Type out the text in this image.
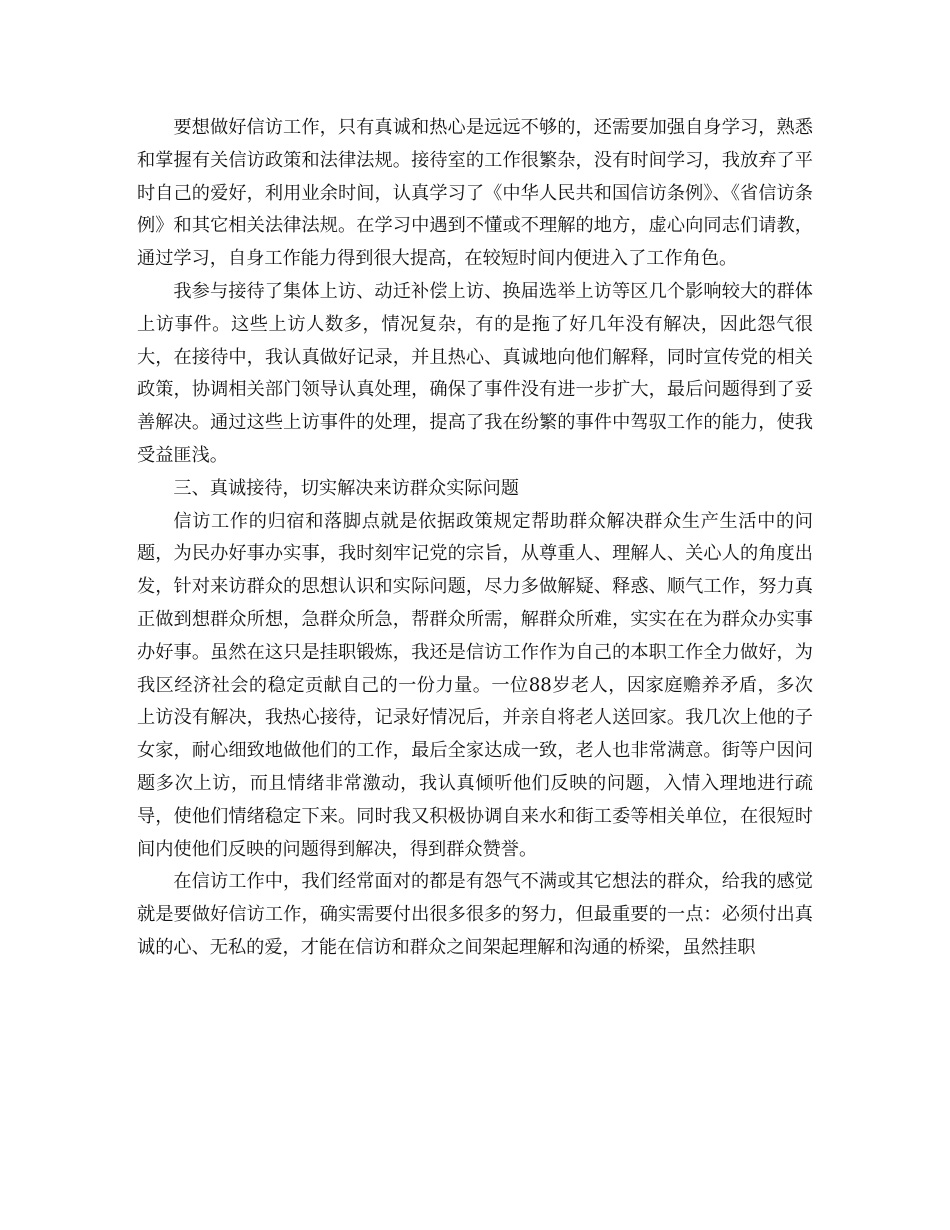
要想做好信访工作，只有真诚和热心是远远不够的，还需要加强自身学习，熟悉和掌握有关信访政策和法律法规。接待室的工作很繁杂，没有时间学习，我放弃了平时自己的爱好，利用业余时间，认真学习了《中华人民共和国信访条例》、《省信访条例》和其它相关法律法规。在学习中遇到不懂或不理解的地方，虚心向同志们请教，通过学习，自身工作能力得到很大提高，在较短时间内便进入了工作角色。

我参与接待了集体上访、动迁补偿上访、换届选举上访等区几个影响较大的群体上访事件。这些上访人数多，情况复杂，有的是拖了好几年没有解决，因此怨气很大，在接待中，我认真做好记录，并且热心、真诚地向他们解释，同时宣传党的相关政策，协调相关部门领导认真处理，确保了事件没有进一步扩大，最后问题得到了妥善解决。通过这些上访事件的处理，提高了我在纷繁的事件中驾驭工作的能力，使我受益匪浅。

三、真诚接待，切实解决来访群众实际问题

信访工作的归宿和落脚点就是依据政策规定帮助群众解决群众生产生活中的问题，为民办好事办实事，我时刻牢记党的宗旨，从尊重人、理解人、关心人的角度出发，针对来访群众的思想认识和实际问题，尽力多做解疑、释惑、顺气工作，努力真正做到想群众所想，急群众所急，帮群众所需，解群众所难，实实在在为群众办实事办好事。虽然在这只是挂职锻炼，我还是信访工作作为自己的本职工作全力做好，为我区经济社会的稳定贡献自己的一份力量。一位88岁老人，因家庭赡养矛盾，多次上访没有解决，我热心接待，记录好情况后，并亲自将老人送回家。我几次上他的子女家，耐心细致地做他们的工作，最后全家达成一致，老人也非常满意。街等户因问题多次上访，而且情绪非常激动，我认真倾听他们反映的问题，入情入理地进行疏导，使他们情绪稳定下来。同时我又积极协调自来水和街工委等相关单位，在很短时间内使他们反映的问题得到解决，得到群众赞誉。

在信访工作中，我们经常面对的都是有怨气不满或其它想法的群众，给我的感觉就是要做好信访工作，确实需要付出很多很多的努力，但最重要的一点：必须付出真诚的心、无私的爱，才能在信访和群众之间架起理解和沟通的桥梁，虽然挂职
